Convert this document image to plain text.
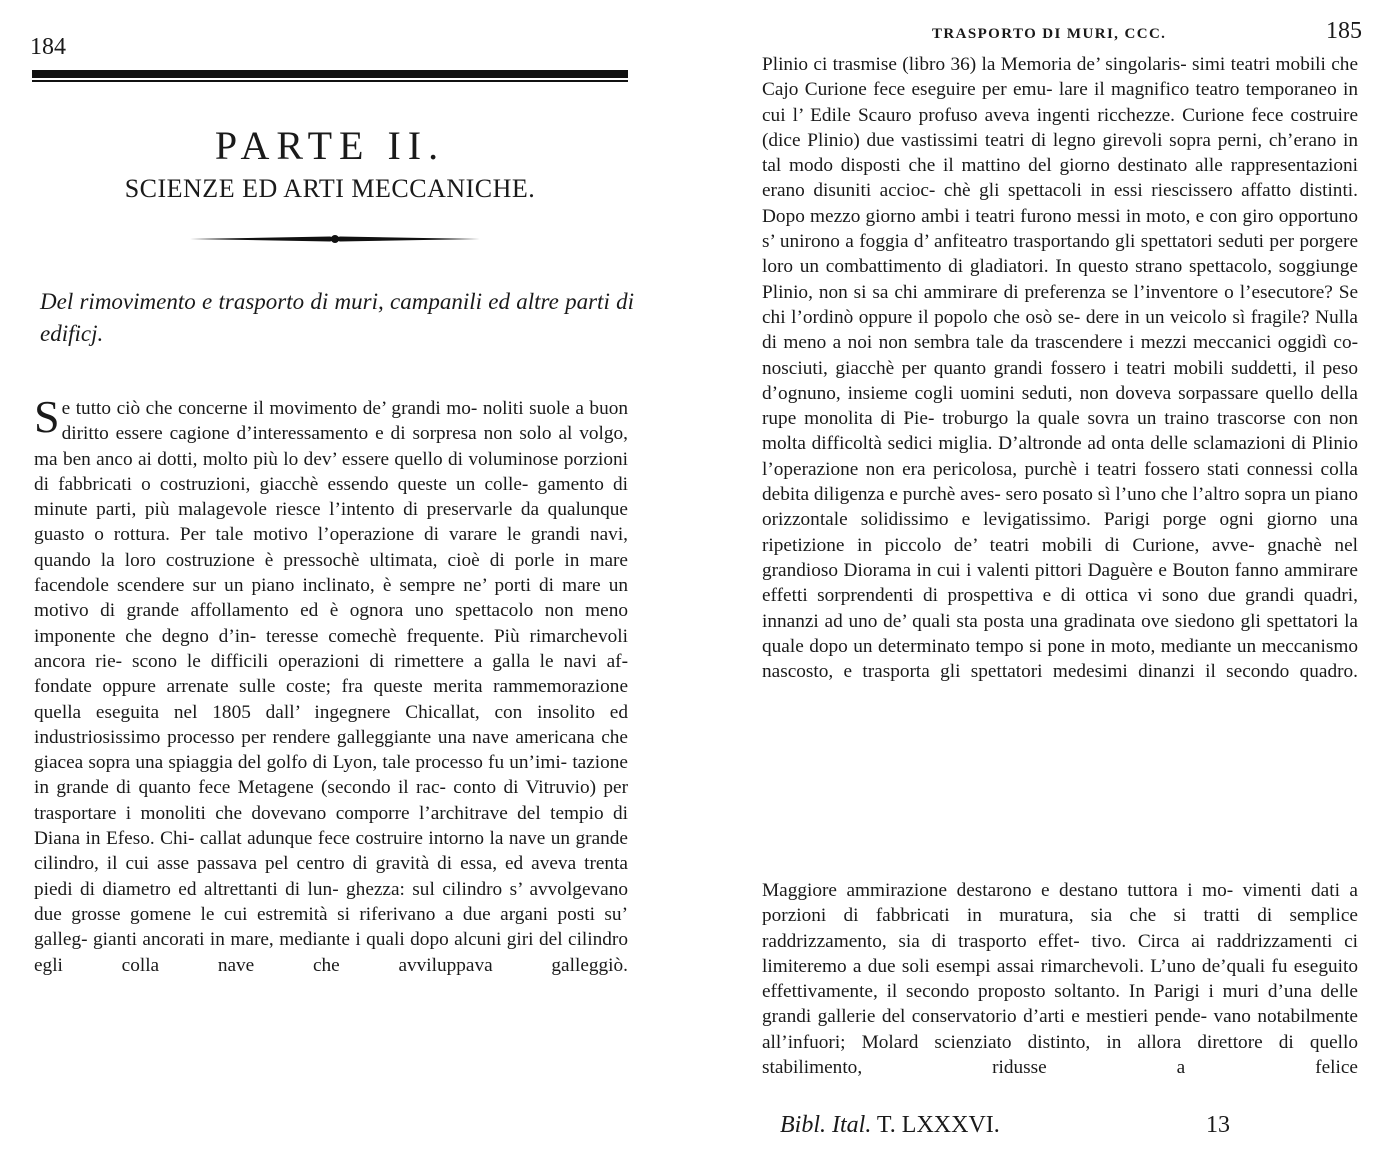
184
PARTE II.
SCIENZE ED ARTI MECCANICHE.
Del rimovimento e trasporto di muri, campanili ed altre parti di edificj.
S e tutto ciò che concerne il movimento de’ grandi mo- noliti suole a buon diritto essere cagione d’interessamento e di sorpresa non solo al volgo, ma ben anco ai dotti, molto più lo dev’ essere quello di voluminose porzioni di fabbricati o costruzioni, giacchè essendo queste un colle- gamento di minute parti, più malagevole riesce l’intento di preservarle da qualunque guasto o rottura. Per tale motivo l’operazione di varare le grandi navi, quando la loro costruzione è pressochè ultimata, cioè di porle in mare facendole scendere sur un piano inclinato, è sempre ne’ porti di mare un motivo di grande affollamento ed è ognora uno spettacolo non meno imponente che degno d’in- teresse comechè frequente. Più rimarchevoli ancora rie- scono le difficili operazioni di rimettere a galla le navi af- fondate oppure arrenate sulle coste; fra queste merita rammemorazione quella eseguita nel 1805 dall’ ingegnere Chicallat, con insolito ed industriosissimo processo per rendere galleggiante una nave americana che giacea sopra una spiaggia del golfo di Lyon, tale processo fu un’imi- tazione in grande di quanto fece Metagene (secondo il rac- conto di Vitruvio) per trasportare i monoliti che dovevano comporre l’architrave del tempio di Diana in Efeso. Chi- callat adunque fece costruire intorno la nave un grande cilindro, il cui asse passava pel centro di gravità di essa, ed aveva trenta piedi di diametro ed altrettanti di lun- ghezza: sul cilindro s’ avvolgevano due grosse gomene le cui estremità si riferivano a due argani posti su’ galleg- gianti ancorati in mare, mediante i quali dopo alcuni giri del cilindro egli colla nave che avviluppava galleggiò.
TRASPORTO DI MURI, CCC.	185
Plinio ci trasmise (libro 36) la Memoria de’ singolaris- simi teatri mobili che Cajo Curione fece eseguire per emu- lare il magnifico teatro temporaneo in cui l’ Edile Scauro profuso aveva ingenti ricchezze. Curione fece costruire (dice Plinio) due vastissimi teatri di legno girevoli sopra perni, ch’erano in tal modo disposti che il mattino del giorno destinato alle rappresentazioni erano disuniti accioc- chè gli spettacoli in essi riescissero affatto distinti. Dopo mezzo giorno ambi i teatri furono messi in moto, e con giro opportuno s’ unirono a foggia d’ anfiteatro trasportando gli spettatori seduti per porgere loro un combattimento di gladiatori. In questo strano spettacolo, soggiunge Plinio, non si sa chi ammirare di preferenza se l’inventore o l’esecutore? Se chi l’ordinò oppure il popolo che osò se- dere in un veicolo sì fragile? Nulla di meno a noi non sembra tale da trascendere i mezzi meccanici oggidì co- nosciuti, giacchè per quanto grandi fossero i teatri mobili suddetti, il peso d’ognuno, insieme cogli uomini seduti, non doveva sorpassare quello della rupe monolita di Pie- troburgo la quale sovra un traino trascorse con non molta difficoltà sedici miglia. D’altronde ad onta delle sclamazioni di Plinio l’operazione non era pericolosa, purchè i teatri fossero stati connessi colla debita diligenza e purchè aves- sero posato sì l’uno che l’altro sopra un piano orizzontale solidissimo e levigatissimo. Parigi porge ogni giorno una ripetizione in piccolo de’ teatri mobili di Curione, avve- gnachè nel grandioso Diorama in cui i valenti pittori Daguère e Bouton fanno ammirare effetti sorprendenti di prospettiva e di ottica vi sono due grandi quadri, innanzi ad uno de’ quali sta posta una gradinata ove siedono gli spettatori la quale dopo un determinato tempo si pone in moto, mediante un meccanismo nascosto, e trasporta gli spettatori medesimi dinanzi il secondo quadro.
Maggiore ammirazione destarono e destano tuttora i mo- vimenti dati a porzioni di fabbricati in muratura, sia che si tratti di semplice raddrizzamento, sia di trasporto effet- tivo. Circa ai raddrizzamenti ci limiteremo a due soli esempi assai rimarchevoli. L’uno de’quali fu eseguito effettivamente, il secondo proposto soltanto. In Parigi i muri d’una delle grandi gallerie del conservatorio d’arti e mestieri pende- vano notabilmente all’infuori; Molard scienziato distinto, in allora direttore di quello stabilimento, ridusse a felice
Bibl. Ital. T. LXXXVI.	13
